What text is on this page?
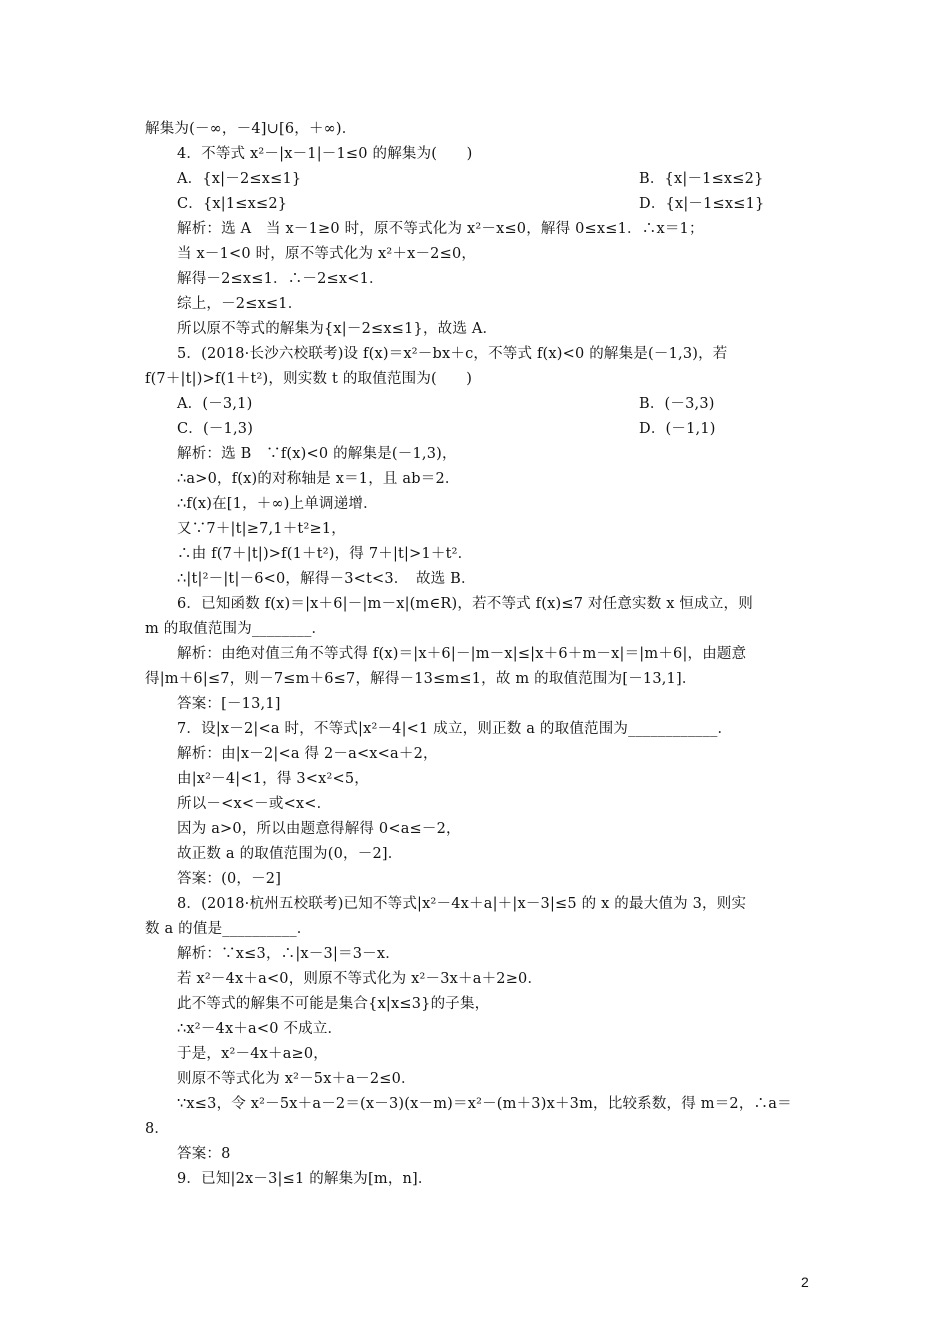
解集为(－∞，－4]∪[6，＋∞)．
4．不等式 x²－|x－1|－1≤0 的解集为(　　)
A．{x|－2≤x≤1}	B．{x|－1≤x≤2}
C．{x|1≤x≤2}	D．{x|－1≤x≤1}
解析：选 A　当 x－1≥0 时，原不等式化为 x²－x≤0，解得 0≤x≤1．∴x＝1；
当 x－1<0 时，原不等式化为 x²＋x－2≤0，
解得－2≤x≤1．∴－2≤x<1．
综上，－2≤x≤1．
所以原不等式的解集为{x|－2≤x≤1}，故选 A．
5．(2018·长沙六校联考)设 f(x)＝x²－bx＋c，不等式 f(x)<0 的解集是(－1,3)，若
f(7＋|t|)>f(1＋t²)，则实数 t 的取值范围为(　　)
A．(－3,1)	B．(－3,3)
C．(－1,3)	D．(－1,1)
解析：选 B　∵f(x)<0 的解集是(－1,3)，
∴a>0，f(x)的对称轴是 x＝1，且 ab＝2．
∴f(x)在[1，＋∞)上单调递增．
又∵7＋|t|≥7,1＋t²≥1，
∴由 f(7＋|t|)>f(1＋t²)，得 7＋|t|>1＋t²．
∴|t|²－|t|－6<0，解得－3<t<3．　故选 B．
6．已知函数 f(x)＝|x＋6|－|m－x|(m∈R)，若不等式 f(x)≤7 对任意实数 x 恒成立，则
m 的取值范围为________．
解析：由绝对值三角不等式得 f(x)＝|x＋6|－|m－x|≤|x＋6＋m－x|＝|m＋6|，由题意
得|m＋6|≤7，则－7≤m＋6≤7，解得－13≤m≤1，故 m 的取值范围为[－13,1]．
答案：[－13,1]
7．设|x－2|<a 时，不等式|x²－4|<1 成立，则正数 a 的取值范围为____________．
解析：由|x－2|<a 得 2－a<x<a＋2，
由|x²－4|<1，得 3<x²<5，
所以－<x<－或<x<．
因为 a>0，所以由题意得解得 0<a≤－2，
故正数 a 的取值范围为(0，－2]．
答案：(0，－2]
8．(2018·杭州五校联考)已知不等式|x²－4x＋a|＋|x－3|≤5 的 x 的最大值为 3，则实
数 a 的值是__________．
解析：∵x≤3，∴|x－3|＝3－x．
若 x²－4x＋a<0，则原不等式化为 x²－3x＋a＋2≥0．
此不等式的解集不可能是集合{x|x≤3}的子集，
∴x²－4x＋a<0 不成立．
于是，x²－4x＋a≥0，
则原不等式化为 x²－5x＋a－2≤0．
∵x≤3，令 x²－5x＋a－2＝(x－3)(x－m)＝x²－(m＋3)x＋3m，比较系数，得 m＝2，∴a＝
8．
答案：8
9．已知|2x－3|≤1 的解集为[m，n]．
2
